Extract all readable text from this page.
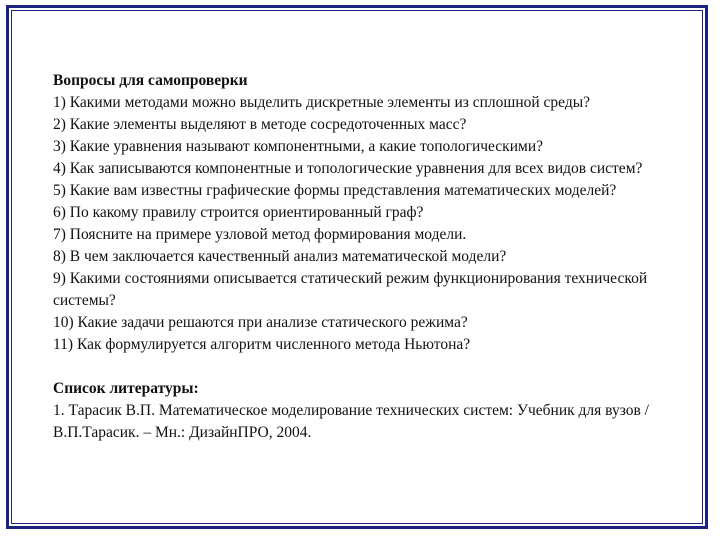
Вопросы для самопроверки

1) Какими методами можно выделить дискретные элементы из сплошной среды?

2) Какие элементы выделяют в методе сосредоточенных масс?

3) Какие уравнения называют компонентными, а какие топологическими?

4) Как записываются компонентные и топологические уравнения для всех видов систем?

5) Какие вам известны графические формы представления математических моделей?

6) По какому правилу строится ориентированный граф?

7) Поясните на примере узловой метод формирования модели.

8) В чем заключается качественный анализ математической модели?

9) Какими состояниями описывается статический режим функционирования технической системы?

10) Какие задачи решаются при анализе статического режима?

11) Как формулируется алгоритм численного метода Ньютона?

Список литературы:

1. Тарасик В.П. Математическое моделирование технических систем: Учебник для вузов / В.П.Тарасик. – Мн.: ДизайнПРО, 2004.
